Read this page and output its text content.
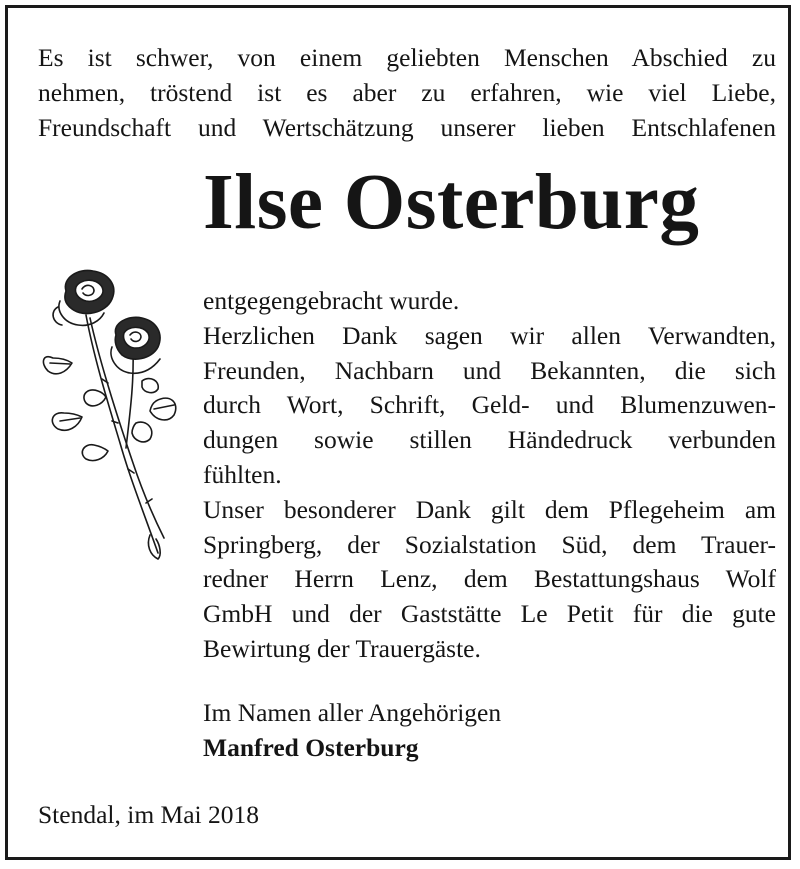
Es ist schwer, von einem geliebten Menschen Abschied zu
nehmen, tröstend ist es aber zu erfahren, wie viel Liebe,
Freundschaft und Wertschätzung unserer lieben Entschlafenen
Ilse Osterburg
entgegengebracht wurde.
Herzlichen Dank sagen wir allen Verwandten,
Freunden, Nachbarn und Bekannten, die sich
durch Wort, Schrift, Geld- und Blumenzuwen-
dungen sowie stillen Händedruck verbunden
fühlten.
Unser besonderer Dank gilt dem Pflegeheim am
Springberg, der Sozialstation Süd, dem Trauer-
redner Herrn Lenz, dem Bestattungshaus Wolf
GmbH und der Gaststätte Le Petit für die gute
Bewirtung der Trauergäste.
Im Namen aller Angehörigen
Manfred Osterburg
Stendal, im Mai 2018
